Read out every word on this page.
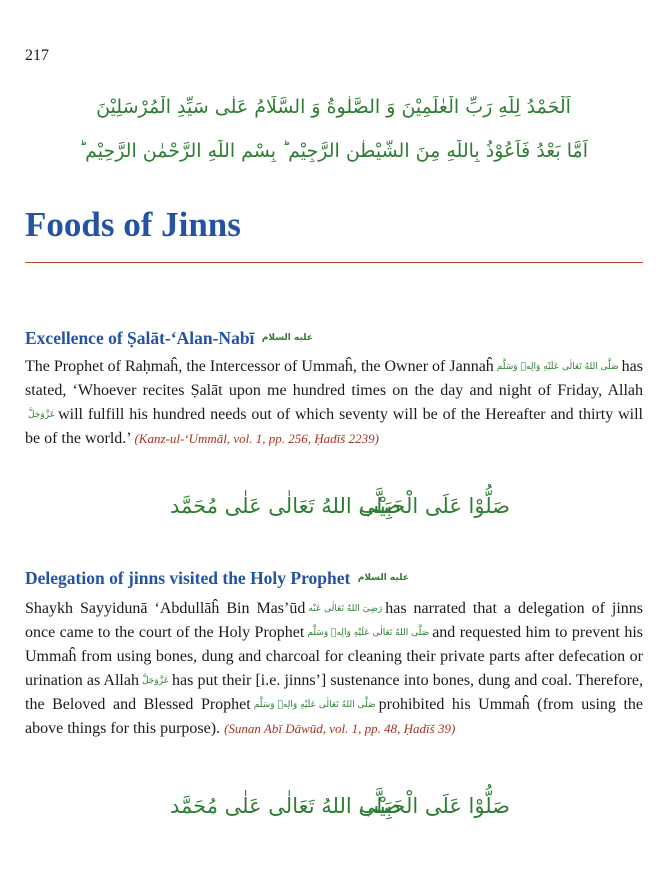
217
اَلْحَمْدُ لِلّٰهِ رَبِّ الْعٰلَمِيْنَ وَ الصَّلٰوةُ وَ السَّلَامُ عَلٰى سَيِّدِ الْمُرْسَلِيْنَ
اَمَّا بَعْدُ فَاَعُوْذُ بِاللّٰهِ مِنَ الشَّيْطٰنِ الرَّجِيْمِ ؕ بِسْمِ اللّٰهِ الرَّحْمٰنِ الرَّحِيْمِ ؕ
Foods of Jinns
Excellence of Ṣalāt-‘Alan-Nabī عليه السلام

The Prophet of Raḥmaĥ, the Intercessor of Ummaĥ, the Owner of Jannaĥ صَلَّى اللهُ تَعَالٰى عَلَيْهِ وَالِهٖ وَسَلَّم has stated, ‘Whoever recites Ṣalāt upon me hundred times on the day and night of Friday, Allahعَزَّوَجَلَّ will fulfill his hundred needs out of which seventy will be of the Hereafter and thirty will be of the world.’ (Kanz-ul-‘Ummāl, vol. 1, pp. 256, Ḥadīš 2239)

صَلَّى اللهُ تَعَالٰى عَلٰى مُحَمَّد
صَلُّوْا عَلَى الْحَبِيْب
Delegation of jinns visited the Holy Prophet عليه السلام

Shaykh Sayyidunā ‘Abdullāĥ Bin Mas’ūd رَضِىَ اللهُ تَعَالٰى عَنْه has narrated that a delegation of jinns once came to the court of the Holy Prophet صَلَّى اللهُ تَعَالٰى عَلَيْهِ وَالِهٖ وَسَلَّم and requested him to prevent his Ummaĥ from using bones, dung and charcoal for cleaning their private parts after defecation or urination as Allah عَزَّوَجَلَّ has put their [i.e. jinns’] sustenance into bones, dung and coal. Therefore, the Beloved and Blessed Prophet صَلَّى اللهُ تَعَالٰى عَلَيْهِ وَالِهٖ وَسَلَّم prohibited his Ummaĥ (from using the above things for this purpose). (Sunan Abī Dāwūd, vol. 1, pp. 48, Ḥadīš 39)

صَلَّى اللهُ تَعَالٰى عَلٰى مُحَمَّد
صَلُّوْا عَلَى الْحَبِيْب
